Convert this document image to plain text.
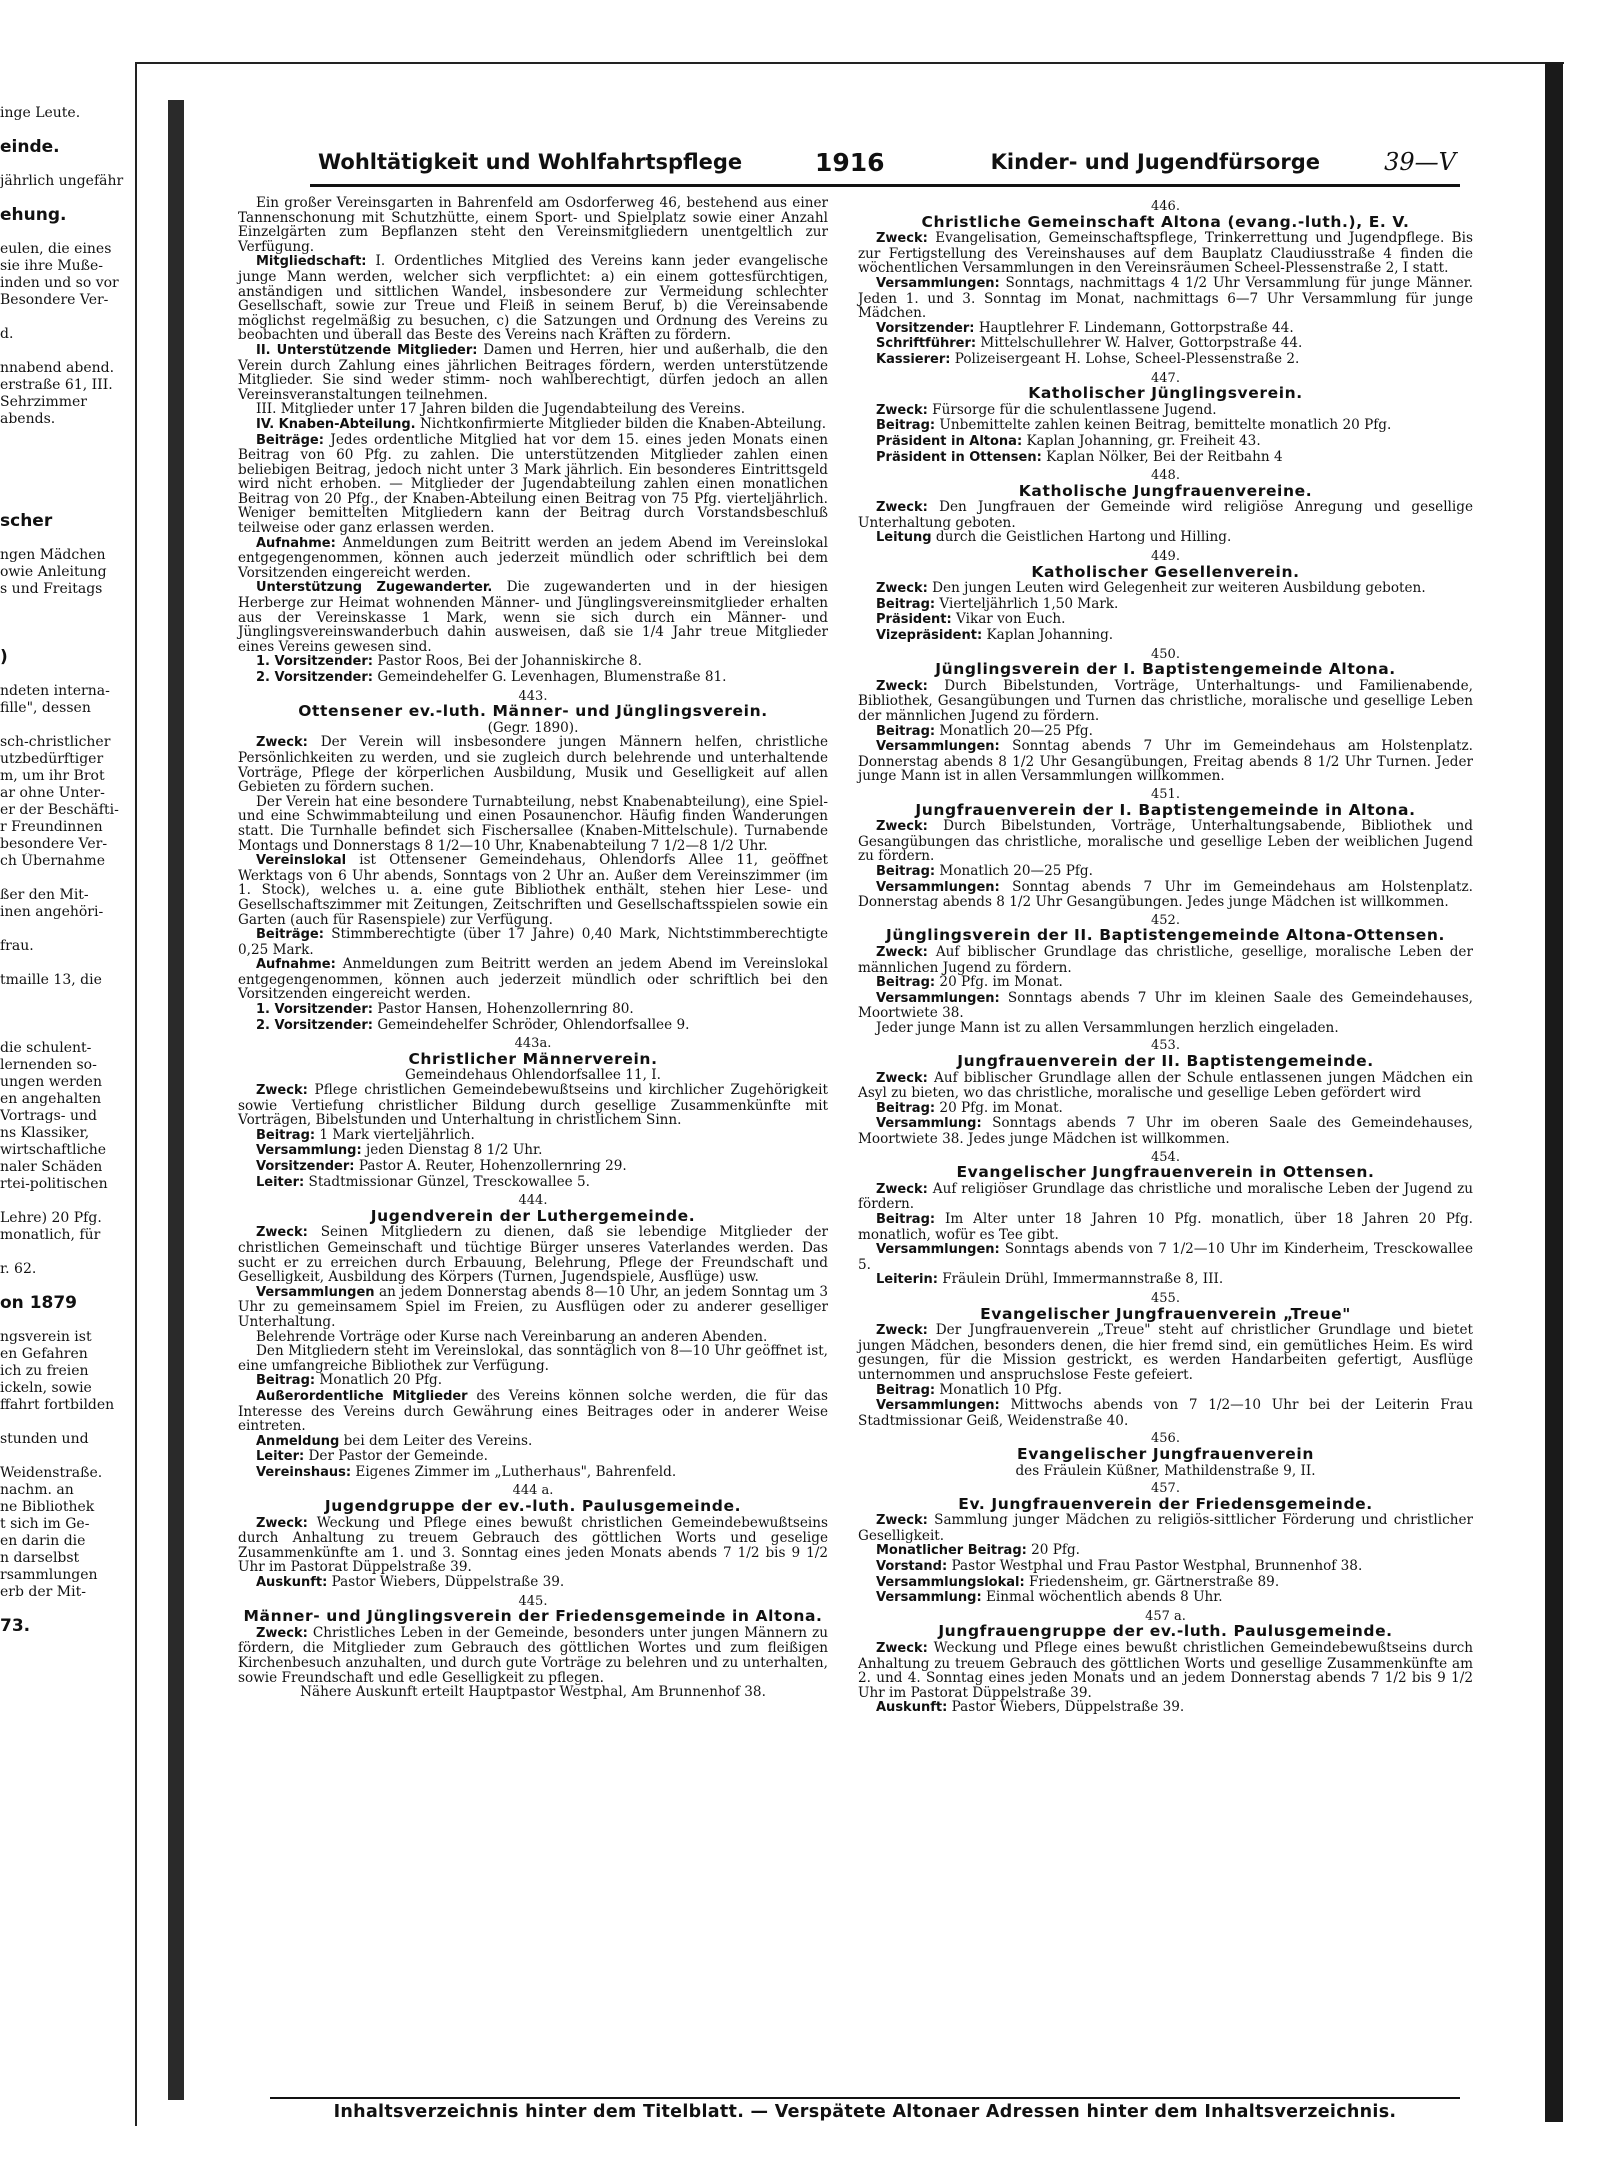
inge Leute.

einde.

jährlich ungefähr

ehung.

eulen, die eines
sie ihre Muße-
inden und so vor
Besondere Ver-

d.

nnabend abend.
erstraße 61, III.
Sehrzimmer
abends.

scher

ngen Mädchen
owie Anleitung
s und Freitags

)

ndeten interna-
fille", dessen

sch-christlicher
utzbedürftiger
m, um ihr Brot
ar ohne Unter-
er der Beschäfti-
r Freundinnen
besondere Ver-
ch Übernahme

ßer den Mit-
inen angehöri-

frau.

tmaille 13, die

die schulent-
lernenden so-
ungen werden
en angehalten
Vortrags- und
ns Klassiker,
wirtschaftliche
naler Schäden
rtei-politischen

Lehre) 20 Pfg.
monatlich, für

r. 62.

on 1879

ngsverein ist
en Gefahren
ich zu freien
ickeln, sowie
ffahrt fortbilden

stunden und

Weidenstraße.
nachm. an
ne Bibliothek
t sich im Ge-
en darin die
n darselbst
rsammlungen
erb der Mit-

73.
Wohltätigkeit und Wohlfahrtspflege	1916	Kinder- und Jugendfürsorge	39—V

Ein großer Vereinsgarten in Bahrenfeld am Osdorferweg 46, bestehend aus einer Tannenschonung mit Schutzhütte, einem Sport- und Spielplatz sowie einer Anzahl Einzelgärten zum Bepflanzen steht den Vereinsmitgliedern unentgeltlich zur Verfügung.

Mitgliedschaft: I. Ordentliches Mitglied des Vereins kann jeder evangelische junge Mann werden, welcher sich verpflichtet: a) ein einem gottesfürchtigen, anständigen und sittlichen Wandel, insbesondere zur Vermeidung schlechter Gesellschaft, sowie zur Treue und Fleiß in seinem Beruf, b) die Vereinsabende möglichst regelmäßig zu besuchen, c) die Satzungen und Ordnung des Vereins zu beobachten und überall das Beste des Vereins nach Kräften zu fördern.

II. Unterstützende Mitglieder: Damen und Herren, hier und außerhalb, die den Verein durch Zahlung eines jährlichen Beitrages fördern, werden unterstützende Mitglieder. Sie sind weder stimm- noch wahlberechtigt, dürfen jedoch an allen Vereinsveranstaltungen teilnehmen.

III. Mitglieder unter 17 Jahren bilden die Jugendabteilung des Vereins.

IV. Knaben-Abteilung. Nichtkonfirmierte Mitglieder bilden die Knaben-Abteilung.

Beiträge: Jedes ordentliche Mitglied hat vor dem 15. eines jeden Monats einen Beitrag von 60 Pfg. zu zahlen. Die unterstützenden Mitglieder zahlen einen beliebigen Beitrag, jedoch nicht unter 3 Mark jährlich. Ein besonderes Eintrittsgeld wird nicht erhoben. — Mitglieder der Jugendabteilung zahlen einen monatlichen Beitrag von 20 Pfg., der Knaben-Abteilung einen Beitrag von 75 Pfg. vierteljährlich. Weniger bemittelten Mitgliedern kann der Beitrag durch Vorstandsbeschluß teilweise oder ganz erlassen werden.

Aufnahme: Anmeldungen zum Beitritt werden an jedem Abend im Vereinslokal entgegengenommen, können auch jederzeit mündlich oder schriftlich bei dem Vorsitzenden eingereicht werden.

Unterstützung Zugewanderter. Die zugewanderten und in der hiesigen Herberge zur Heimat wohnenden Männer- und Jünglingsvereinsmitglieder erhalten aus der Vereinskasse 1 Mark, wenn sie sich durch ein Männer- und Jünglingsvereinswanderbuch dahin ausweisen, daß sie 1/4 Jahr treue Mitglieder eines Vereins gewesen sind.

1. Vorsitzender: Pastor Roos, Bei der Johanniskirche 8.

2. Vorsitzender: Gemeindehelfer G. Levenhagen, Blumenstraße 81.

443.
Ottensener ev.-luth. Männer- und Jünglingsverein.
(Gegr. 1890).

Zweck: Der Verein will insbesondere jungen Männern helfen, christliche Persönlichkeiten zu werden, und sie zugleich durch belehrende und unterhaltende Vorträge, Pflege der körperlichen Ausbildung, Musik und Geselligkeit auf allen Gebieten zu fördern suchen.

Der Verein hat eine besondere Turnabteilung, nebst Knabenabteilung), eine Spiel- und eine Schwimmabteilung und einen Posaunenchor. Häufig finden Wanderungen statt. Die Turnhalle befindet sich Fischersallee (Knaben-Mittelschule). Turnabende Montags und Donnerstags 8 1/2—10 Uhr, Knabenabteilung 7 1/2—8 1/2 Uhr.

Vereinslokal ist Ottensener Gemeindehaus, Ohlendorfs Allee 11, geöffnet Werktags von 6 Uhr abends, Sonntags von 2 Uhr an. Außer dem Vereinszimmer (im 1. Stock), welches u. a. eine gute Bibliothek enthält, stehen hier Lese- und Gesellschaftszimmer mit Zeitungen, Zeitschriften und Gesellschaftsspielen sowie ein Garten (auch für Rasenspiele) zur Verfügung.

Beiträge: Stimmberechtigte (über 17 Jahre) 0,40 Mark, Nichtstimmberechtigte 0,25 Mark.

Aufnahme: Anmeldungen zum Beitritt werden an jedem Abend im Vereinslokal entgegengenommen, können auch jederzeit mündlich oder schriftlich bei den Vorsitzenden eingereicht werden.

1. Vorsitzender: Pastor Hansen, Hohenzollernring 80.

2. Vorsitzender: Gemeindehelfer Schröder, Ohlendorfsallee 9.

443a.
Christlicher Männerverein.
Gemeindehaus Ohlendorfsallee 11, I.

Zweck: Pflege christlichen Gemeindebewußtseins und kirchlicher Zugehörigkeit sowie Vertiefung christlicher Bildung durch gesellige Zusammenkünfte mit Vorträgen, Bibelstunden und Unterhaltung in christlichem Sinn.

Beitrag: 1 Mark vierteljährlich.

Versammlung: jeden Dienstag 8 1/2 Uhr.

Vorsitzender: Pastor A. Reuter, Hohenzollernring 29.

Leiter: Stadtmissionar Günzel, Tresckowallee 5.

444.
Jugendverein der Luthergemeinde.

Zweck: Seinen Mitgliedern zu dienen, daß sie lebendige Mitglieder der christlichen Gemeinschaft und tüchtige Bürger unseres Vaterlandes werden. Das sucht er zu erreichen durch Erbauung, Belehrung, Pflege der Freundschaft und Geselligkeit, Ausbildung des Körpers (Turnen, Jugendspiele, Ausflüge) usw.

Versammlungen an jedem Donnerstag abends 8—10 Uhr, an jedem Sonntag um 3 Uhr zu gemeinsamem Spiel im Freien, zu Ausflügen oder zu anderer geselliger Unterhaltung.

Belehrende Vorträge oder Kurse nach Vereinbarung an anderen Abenden.

Den Mitgliedern steht im Vereinslokal, das sonntäglich von 8—10 Uhr geöffnet ist, eine umfangreiche Bibliothek zur Verfügung.

Beitrag: Monatlich 20 Pfg.

Außerordentliche Mitglieder des Vereins können solche werden, die für das Interesse des Vereins durch Gewährung eines Beitrages oder in anderer Weise eintreten.

Anmeldung bei dem Leiter des Vereins.

Leiter: Der Pastor der Gemeinde.

Vereinshaus: Eigenes Zimmer im „Lutherhaus", Bahrenfeld.

444 a.
Jugendgruppe der ev.-luth. Paulusgemeinde.

Zweck: Weckung und Pflege eines bewußt christlichen Gemeindebewußtseins durch Anhaltung zu treuem Gebrauch des göttlichen Worts und geselige Zusammenkünfte am 1. und 3. Sonntag eines jeden Monats abends 7 1/2 bis 9 1/2 Uhr im Pastorat Düppelstraße 39.

Auskunft: Pastor Wiebers, Düppelstraße 39.

445.
Männer- und Jünglingsverein der Friedensgemeinde in Altona.

Zweck: Christliches Leben in der Gemeinde, besonders unter jungen Männern zu fördern, die Mitglieder zum Gebrauch des göttlichen Wortes und zum fleißigen Kirchenbesuch anzuhalten, und durch gute Vorträge zu belehren und zu unterhalten, sowie Freundschaft und edle Geselligkeit zu pflegen.

Nähere Auskunft erteilt Hauptpastor Westphal, Am Brunnenhof 38.
446.
Christliche Gemeinschaft Altona (evang.-luth.), E. V.

Zweck: Evangelisation, Gemeinschaftspflege, Trinkerrettung und Jugendpflege. Bis zur Fertigstellung des Vereinshauses auf dem Bauplatz Claudiusstraße 4 finden die wöchentlichen Versammlungen in den Vereinsräumen Scheel-Plessenstraße 2, I statt.

Versammlungen: Sonntags, nachmittags 4 1/2 Uhr Versammlung für junge Männer. Jeden 1. und 3. Sonntag im Monat, nachmittags 6—7 Uhr Versammlung für junge Mädchen.

Vorsitzender: Hauptlehrer F. Lindemann, Gottorpstraße 44.

Schriftführer: Mittelschullehrer W. Halver, Gottorpstraße 44.

Kassierer: Polizeisergeant H. Lohse, Scheel-Plessenstraße 2.

447.
Katholischer Jünglingsverein.

Zweck: Fürsorge für die schulentlassene Jugend.

Beitrag: Unbemittelte zahlen keinen Beitrag, bemittelte monatlich 20 Pfg.

Präsident in Altona: Kaplan Johanning, gr. Freiheit 43.

Präsident in Ottensen: Kaplan Nölker, Bei der Reitbahn 4

448.
Katholische Jungfrauenvereine.

Zweck: Den Jungfrauen der Gemeinde wird religiöse Anregung und gesellige Unterhaltung geboten.

Leitung durch die Geistlichen Hartong und Hilling.

449.
Katholischer Gesellenverein.

Zweck: Den jungen Leuten wird Gelegenheit zur weiteren Ausbildung geboten.

Beitrag: Vierteljährlich 1,50 Mark.

Präsident: Vikar von Euch.

Vizepräsident: Kaplan Johanning.

450.
Jünglingsverein der I. Baptistengemeinde Altona.

Zweck: Durch Bibelstunden, Vorträge, Unterhaltungs- und Familienabende, Bibliothek, Gesangübungen und Turnen das christliche, moralische und gesellige Leben der männlichen Jugend zu fördern.

Beitrag: Monatlich 20—25 Pfg.

Versammlungen: Sonntag abends 7 Uhr im Gemeindehaus am Holstenplatz. Donnerstag abends 8 1/2 Uhr Gesangübungen, Freitag abends 8 1/2 Uhr Turnen. Jeder junge Mann ist in allen Versammlungen willkommen.

451.
Jungfrauenverein der I. Baptistengemeinde in Altona.

Zweck: Durch Bibelstunden, Vorträge, Unterhaltungsabende, Bibliothek und Gesangübungen das christliche, moralische und gesellige Leben der weiblichen Jugend zu fördern.

Beitrag: Monatlich 20—25 Pfg.

Versammlungen: Sonntag abends 7 Uhr im Gemeindehaus am Holstenplatz. Donnerstag abends 8 1/2 Uhr Gesangübungen. Jedes junge Mädchen ist willkommen.

452.
Jünglingsverein der II. Baptistengemeinde Altona-Ottensen.

Zweck: Auf biblischer Grundlage das christliche, gesellige, moralische Leben der männlichen Jugend zu fördern.

Beitrag: 20 Pfg. im Monat.

Versammlungen: Sonntags abends 7 Uhr im kleinen Saale des Gemeindehauses, Moortwiete 38.

Jeder junge Mann ist zu allen Versammlungen herzlich eingeladen.

453.
Jungfrauenverein der II. Baptistengemeinde.

Zweck: Auf biblischer Grundlage allen der Schule entlassenen jungen Mädchen ein Asyl zu bieten, wo das christliche, moralische und gesellige Leben gefördert wird

Beitrag: 20 Pfg. im Monat.

Versammlung: Sonntags abends 7 Uhr im oberen Saale des Gemeindehauses, Moortwiete 38. Jedes junge Mädchen ist willkommen.

454.
Evangelischer Jungfrauenverein in Ottensen.

Zweck: Auf religiöser Grundlage das christliche und moralische Leben der Jugend zu fördern.

Beitrag: Im Alter unter 18 Jahren 10 Pfg. monatlich, über 18 Jahren 20 Pfg. monatlich, wofür es Tee gibt.

Versammlungen: Sonntags abends von 7 1/2—10 Uhr im Kinderheim, Tresckowallee 5.

Leiterin: Fräulein Drühl, Immermannstraße 8, III.

455.
Evangelischer Jungfrauenverein „Treue"

Zweck: Der Jungfrauenverein „Treue" steht auf christlicher Grundlage und bietet jungen Mädchen, besonders denen, die hier fremd sind, ein gemütliches Heim. Es wird gesungen, für die Mission gestrickt, es werden Handarbeiten gefertigt, Ausflüge unternommen und anspruchslose Feste gefeiert.

Beitrag: Monatlich 10 Pfg.

Versammlungen: Mittwochs abends von 7 1/2—10 Uhr bei der Leiterin Frau Stadtmissionar Geiß, Weidenstraße 40.

456.
Evangelischer Jungfrauenverein
des Fräulein Küßner, Mathildenstraße 9, II.
457.
Ev. Jungfrauenverein der Friedensgemeinde.

Zweck: Sammlung junger Mädchen zu religiös-sittlicher Förderung und christlicher Geselligkeit.

Monatlicher Beitrag: 20 Pfg.

Vorstand: Pastor Westphal und Frau Pastor Westphal, Brunnenhof 38.

Versammlungslokal: Friedensheim, gr. Gärtnerstraße 89.

Versammlung: Einmal wöchentlich abends 8 Uhr.

457 a.
Jungfrauengruppe der ev.-luth. Paulusgemeinde.

Zweck: Weckung und Pflege eines bewußt christlichen Gemeindebewußtseins durch Anhaltung zu treuem Gebrauch des göttlichen Worts und gesellige Zusammenkünfte am 2. und 4. Sonntag eines jeden Monats und an jedem Donnerstag abends 7 1/2 bis 9 1/2 Uhr im Pastorat Düppelstraße 39.

Auskunft: Pastor Wiebers, Düppelstraße 39.

Inhaltsverzeichnis hinter dem Titelblatt. — Verspätete Altonaer Adressen hinter dem Inhaltsverzeichnis.
